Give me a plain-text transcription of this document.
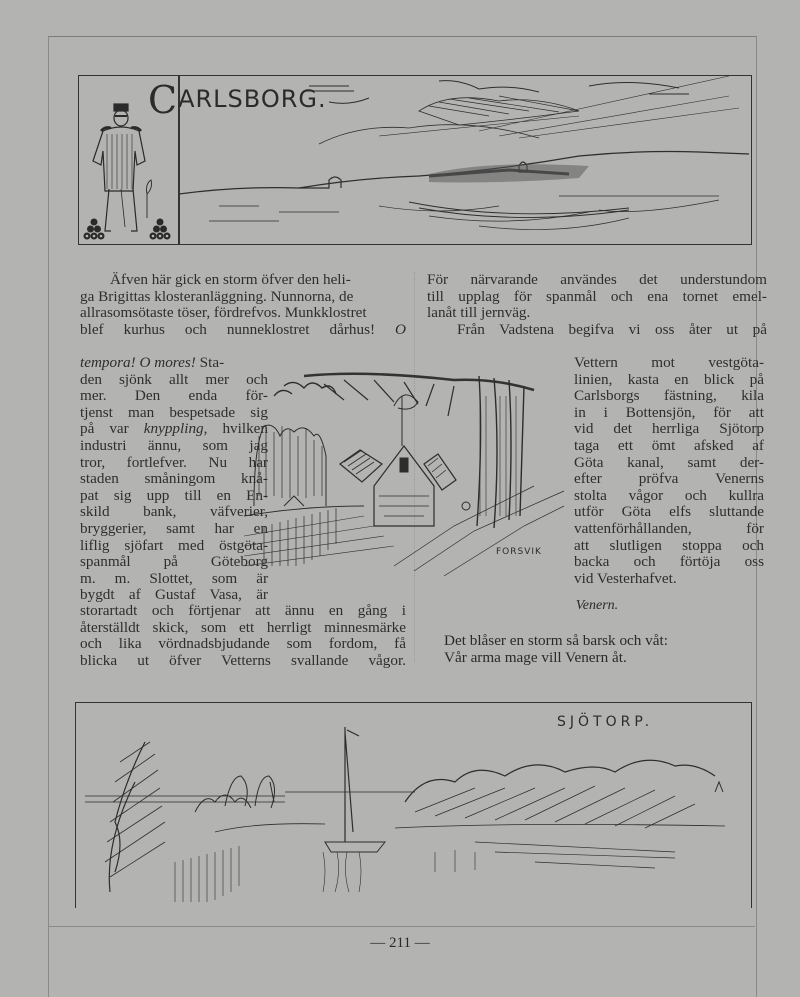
CARLSBORG.

Äfven här gick en storm öfver den heli-

ga Brigittas klosteranläggning. Nunnorna, de

allrasomsötaste töser, fördrefvos. Munkklostret

blef kurhus och nunneklostret dårhus! O

tempora! O mores! Sta-

den sjönk allt mer och

mer. Den enda för-

tjenst man bespetsade sig

på var knyppling, hvilken

industri ännu, som jag

tror, fortlefver. Nu har

staden småningom knå-

pat sig upp till en En-

skild bank, väfverier,

bryggerier, samt har en

liflig sjöfart med östgöta-

spanmål på Göteborg

m. m. Slottet, som är

bygdt af Gustaf Vasa, är

storartadt och förtjenar att ännu en gång i

återställdt skick, som ett herrligt minnesmärke

och lika vördnadsbjudande som fordom, få

blicka ut öfver Vetterns svallande vågor.

För närvarande användes det understundom

till upplag för spanmål och ena tornet emel-

lanåt till jernväg.

Från Vadstena begifva vi oss åter ut på

Vettern mot vestgöta-

linien, kasta en blick på

Carlsborgs fästning, kila

in i Bottensjön, för att

vid det herrliga Sjötorp

taga ett ömt afsked af

Göta kanal, samt der-

efter pröfva Venerns

stolta vågor och kullra

utför Göta elfs sluttande

vattenförhållanden, för

att slutligen stoppa och

backa och förtöja oss

vid Vesterhafvet.

Venern.
Det blåser en storm så barsk och våt:
Vår arma mage vill Venern åt.
FORSVIK
SJÖTORP.
— 211 —
